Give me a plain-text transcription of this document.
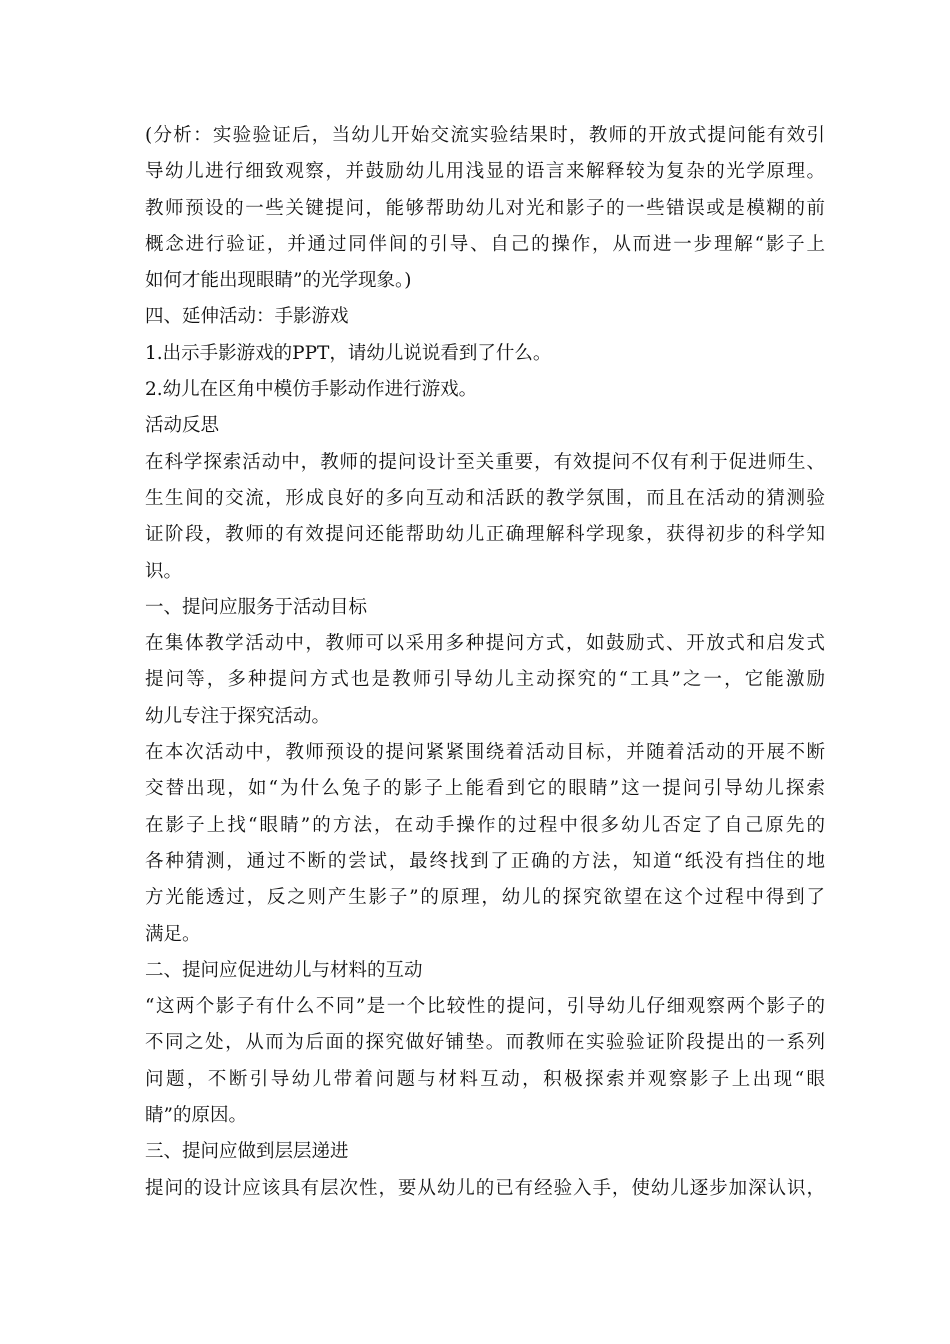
(分析：实验验证后，当幼儿开始交流实验结果时，教师的开放式提问能有效引
导幼儿进行细致观察，并鼓励幼儿用浅显的语言来解释较为复杂的光学原理。
教师预设的一些关键提问，能够帮助幼儿对光和影子的一些错误或是模糊的前
概念进行验证，并通过同伴间的引导、自己的操作，从而进一步理解“影子上
如何才能出现眼睛”的光学现象。)
四、延伸活动：手影游戏
1.出示手影游戏的PPT，请幼儿说说看到了什么。
2.幼儿在区角中模仿手影动作进行游戏。
活动反思
在科学探索活动中，教师的提问设计至关重要，有效提问不仅有利于促进师生、
生生间的交流，形成良好的多向互动和活跃的教学氛围，而且在活动的猜测验
证阶段，教师的有效提问还能帮助幼儿正确理解科学现象，获得初步的科学知
识。
一、提问应服务于活动目标
在集体教学活动中，教师可以采用多种提问方式，如鼓励式、开放式和启发式
提问等，多种提问方式也是教师引导幼儿主动探究的“工具”之一，它能激励
幼儿专注于探究活动。
在本次活动中，教师预设的提问紧紧围绕着活动目标，并随着活动的开展不断
交替出现，如“为什么兔子的影子上能看到它的眼睛”这一提问引导幼儿探索
在影子上找“眼睛”的方法，在动手操作的过程中很多幼儿否定了自己原先的
各种猜测，通过不断的尝试，最终找到了正确的方法，知道“纸没有挡住的地
方光能透过，反之则产生影子”的原理，幼儿的探究欲望在这个过程中得到了
满足。
二、提问应促进幼儿与材料的互动
“这两个影子有什么不同”是一个比较性的提问，引导幼儿仔细观察两个影子的
不同之处，从而为后面的探究做好铺垫。而教师在实验验证阶段提出的一系列
问题，不断引导幼儿带着问题与材料互动，积极探索并观察影子上出现“眼
睛”的原因。
三、提问应做到层层递进
提问的设计应该具有层次性，要从幼儿的已有经验入手，使幼儿逐步加深认识，
